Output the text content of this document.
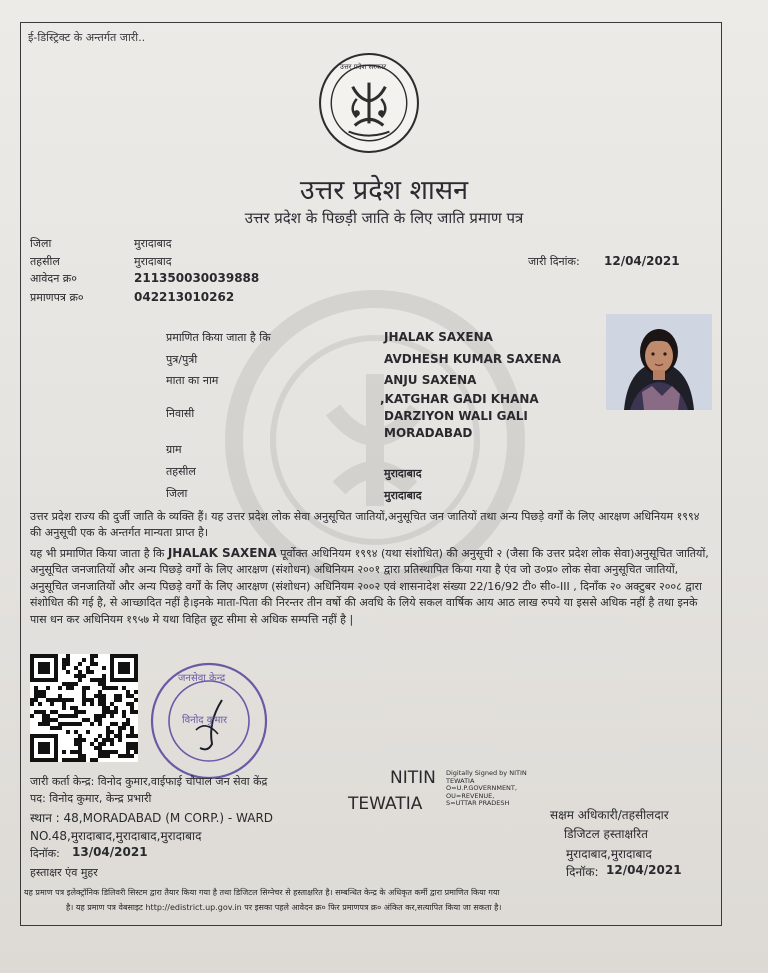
ई-डिस्ट्रिक्ट के अन्तर्गत जारी..
उत्तर प्रदेश सरकार
उत्तर प्रदेश शासन
उत्तर प्रदेश के पिछ्ड़ी जाति के लिए जाति प्रमाण पत्र
जिला	मुरादाबाद
तहसील	मुरादाबाद
आवेदन क्र०	211350030039888
प्रमाणपत्र क्र०	042213010262
जारी दिनांक: 12/04/2021
प्रमाणित किया जाता है कि	JHALAK SAXENA
पुत्र/पुत्री	AVDHESH KUMAR SAXENA
माता का नाम	ANJU SAXENA
निवासी
,KATGHAR GADI KHANA
DARZIYON WALI GALI
MORADABAD
ग्राम
तहसील	मुरादाबाद
जिला	मुरादाबाद
उत्तर प्रदेश राज्य की दुर्जी जाति के व्यक्ति हैं। यह उत्तर प्रदेश लोक सेवा अनुसूचित जातियों,अनुसूचित जन जातियों तथा अन्य पिछड़े वर्गों के लिए आरक्षण अधिनियम १९९४ की अनुसूची एक के अन्तर्गत मान्यता प्राप्त है।
यह भी प्रमाणित किया जाता है कि JHALAK SAXENA पूर्वोक्त अधिनियम १९९४ (यथा संशोधित) की अनुसूची २ (जैसा कि उत्तर प्रदेश लोक सेवा)अनुसूचित जातियों, अनुसूचित जनजातियों और अन्य पिछड़े वर्गों के लिए आरक्षण (संशोधन) अधिनियम २००१ द्वारा प्रतिस्थापित किया गया है एंव जो उ०प्र० लोक सेवा अनुसूचित जातियों, अनुसूचित जनजातियों और अन्य पिछड़े वर्गों के लिए आरक्षण (संशोधन) अधिनियम २००२ एवं शासनादेश संख्या 22/16/92 टी० सी०-III , दिनाँक २० अक्टुबर २००८ द्वारा संशोधित की गई है, से आच्छादित नहीं है।इनके माता-पिता की निरन्तर तीन वर्षो की अवधि के लिये सकल वार्षिक आय आठ लाख रुपये या इससे अधिक नहीं है तथा इनके पास धन कर अधिनियम १९५७ मे यथा विहित छूट सीमा से अधिक सम्पत्ति नहीं है |
जनसेवा केन्द्र
विनोद कुमार
जारी कर्ता केन्द्र: विनोद कुमार,वाईफाई चौपाल जन सेवा केंद्र
पद: विनोद कुमार, केन्द्र प्रभारी
स्थान : 48,MORADABAD (M CORP.) - WARD
NO.48,मुरादाबाद,मुरादाबाद,मुरादाबाद
दिनॉक: 13/04/2021
हस्ताक्षर एंव मुहर
NITIN
TEWATIA
Digitally Signed by NITIN
TEWATIA
O=U.P.GOVERNMENT,
OU=REVENUE,
S=UTTAR PRADESH
सक्षम अधिकारी/तहसीलदार
डिजिटल हस्ताक्षरित
मुरादाबाद,मुरादाबाद
दिनॉक: 12/04/2021
यह प्रमाण पत्र इलेक्ट्रॉनिक डिलिवरी सिस्टम द्वारा तैयार किया गया है तथा डिजिटल सिग्नेचर से हस्ताक्षरित है। सम्बन्धित केन्द्र के अधिकृत कर्मी द्वारा प्रमाणित किया गया
है। यह प्रमाण पत्र वेबसाइट http://edistrict.up.gov.in पर इसका पहले आवेदन क्र० फिर प्रमाणपत्र क्र० अंकित कर,सत्यापित किया जा सकता है।
